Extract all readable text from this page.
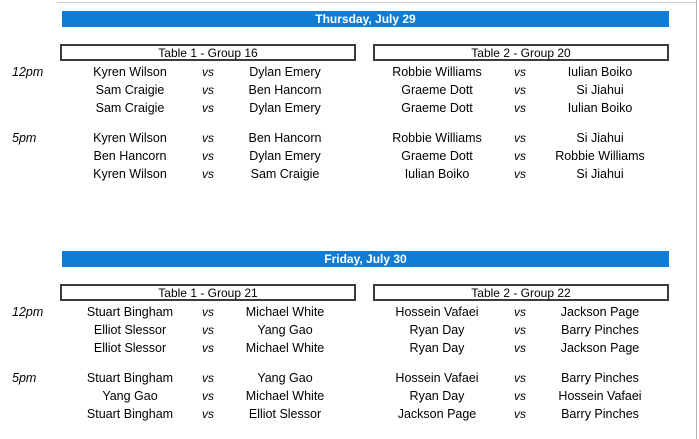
Thursday, July 29
Table 1 - Group 16	Table 2 - Group 20
12pm	Kyren Wilson	vs	Dylan Emery	Robbie Williams	vs	Iulian Boiko
Sam Craigie	vs	Ben Hancorn	Graeme Dott	vs	Si Jiahui
Sam Craigie	vs	Dylan Emery	Graeme Dott	vs	Iulian Boiko
5pm	Kyren Wilson	vs	Ben Hancorn	Robbie Williams	vs	Si Jiahui
Ben Hancorn	vs	Dylan Emery	Graeme Dott	vs	Robbie Williams
Kyren Wilson	vs	Sam Craigie	Iulian Boiko	vs	Si Jiahui
Friday, July 30
Table 1 - Group 21	Table 2 - Group 22
12pm	Stuart Bingham	vs	Michael White	Hossein Vafaei	vs	Jackson Page
Elliot Slessor	vs	Yang Gao	Ryan Day	vs	Barry Pinches
Elliot Slessor	vs	Michael White	Ryan Day	vs	Jackson Page
5pm	Stuart Bingham	vs	Yang Gao	Hossein Vafaei	vs	Barry Pinches
Yang Gao	vs	Michael White	Ryan Day	vs	Hossein Vafaei
Stuart Bingham	vs	Elliot Slessor	Jackson Page	vs	Barry Pinches
